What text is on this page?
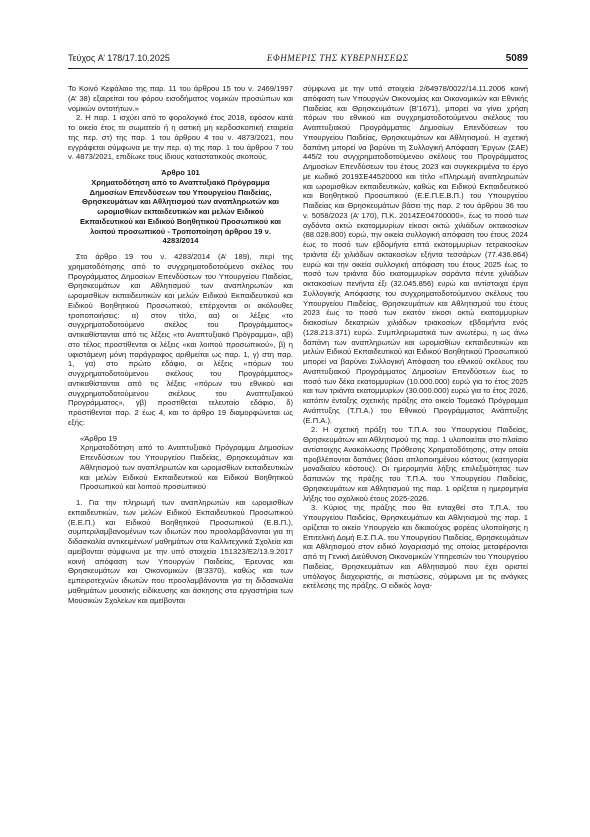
Τεύχος A’ 178/17.10.2025	ΕΦΗΜΕΡΙΣ ΤΗΣ ΚΥΒΕΡΝΗΣΕΩΣ	5089

Το Κοινό Κεφάλαιο της παρ. 11 του άρθρου 15 του ν. 2469/1997 (Α’ 38) εξαιρείται του φόρου εισοδήματος νομικών προσώπων και νομικών οντοτήτων.»

2. Η παρ. 1 ισχύει από το φορολογικό έτος 2018, εφόσον κατά το οικείο έτος το σωματείο ή η αστική μη κερδοσκοπική εταιρεία της περ. στ) της παρ. 1 του άρθρου 4 του ν. 4873/2021, που εγγράφεται σύμφωνα με την περ. α) της παρ. 1 του άρθρου 7 του ν. 4873/2021, επιδίωκε τους ίδιους καταστατικούς σκοπούς.

Άρθρο 101
Χρηματοδότηση από το Αναπτυξιακό Πρόγραμμα Δημοσίων Επενδύσεων του Υπουργείου Παιδείας, Θρησκευμάτων και Αθλητισμού των αναπληρωτών και ωρομισθίων εκπαιδευτικών και μελών Ειδικού Εκπαιδευτικού και Ειδικού Βοηθητικού Προσωπικού και λοιπού προσωπικού - Τροποποίηση άρθρου 19 ν. 4283/2014

Στο άρθρο 19 του ν. 4283/2014 (Α’ 189), περί της χρηματοδότησης από το συγχρηματοδοτούμενο σκέλος του Προγράμματος Δημοσίων Επενδύσεων του Υπουργείου Παιδείας, Θρησκευμάτων και Αθλητισμού των αναπληρωτών και ωρομισθίων εκπαιδευτικών και μελών Ειδικού Εκπαιδευτικού και Ειδικού Βοηθητικού Προσωπικού, επέρχονται οι ακόλουθες τροποποιήσεις: α) στον τίτλο, αα) οι λέξεις «το συγχρηματοδοτούμενο σκέλος του Προγράμματος» αντικαθίστανται από τις λέξεις «το Αναπτυξιακό Πρόγραμμα», αβ) στο τέλος προστίθενται οι λέξεις «και λοιπού προσωπικού», β) η υφιστάμενη μόνη παράγραφος αριθμείται ως παρ. 1, γ) στη παρ. 1, γα) στο πρώτο εδάφιο, οι λέξεις «πόρων του συγχρηματοδοτούμενου σκέλους του Προγράμματος» αντικαθίστανται από τις λέξεις «πόρων του εθνικού και συγχρηματοδοτούμενου σκέλους του Αναπτυξιακού Προγράμματος», γβ) προστίθεται τελευταίο εδάφιο, δ) προστίθενται παρ. 2 έως 4, και το άρθρο 19 διαμορφώνεται ως εξής:

«Άρθρο 19
Χρηματοδότηση από το Αναπτυξιακό Πρόγραμμα Δημοσίων Επενδύσεων του Υπουργείου Παιδείας, Θρησκευμάτων και Αθλητισμού των αναπληρωτών και ωρομισθίων εκπαιδευτικών και μελών Ειδικού Εκπαιδευτικού και Ειδικού Βοηθητικού Προσωπικού και λοιπού προσωπικού

1. Για την πληρωμή των αναπληρωτών και ωρομισθίων εκπαιδευτικών, των μελών Ειδικού Εκπαιδευτικού Προσωπικού (Ε.Ε.Π.) και Ειδικού Βοηθητικού Προσωπικού (Ε.Β.Π.), συμπεριλαμβανομένων των ιδιωτών που προσλαμβάνονται για τη διδασκαλία αντικειμένων/ μαθημάτων στα Καλλιτεχνικά Σχολεία και αμείβονται σύμφωνα με την υπό στοιχεία 151323/Ε2/13.9.2017 κοινή απόφαση των Υπουργών Παιδείας, Έρευνας και Θρησκευμάτων και Οικονομικών (Β’3370), καθώς και των εμπειροτεχνών ιδιωτών που προσλαμβάνονται για τη διδασκαλία μαθημάτων μουσικής ειδίκευσης και άσκησης στα εργαστήρια των Μουσικών Σχολείων και αμείβονται

σύμφωνα με την υπό στοιχεία 2/64978/0022/14.11.2006 κοινή απόφαση των Υπουργών Οικονομίας και Οικονομικών και Εθνικής Παιδείας και Θρησκευμάτων (Β’1671), μπορεί να γίνει χρήση πόρων του εθνικού και συγχρηματοδοτούμενου σκέλους του Αναπτυξιακού Προγράμματος Δημοσίων Επενδύσεων του Υπουργείου Παιδείας, Θρησκευμάτων και Αθλητισμού. Η σχετική δαπάνη μπορεί να βαρύνει τη Συλλογική Απόφαση Έργων (ΣΑΕ) 445/2 του συγχρηματοδοτούμενου σκέλους του Προγράμματος Δημοσίων Επενδύσεων του έτους 2023 και συγκεκριμένα το έργο με κωδικό 2019ΣΕ44520000 και τίτλο «Πληρωμή αναπληρωτών και ωρομισθίων εκπαιδευτικών, καθώς και Ειδικού Εκπαιδευτικού και Βοηθητικού Προσωπικού (Ε.Ε.Π.Ε.Β.Π.) του Υπουργείου Παιδείας και Θρησκευμάτων βάσει της παρ. 2 του άρθρου 36 του ν. 5058/2023 (Α’ 170), Π.Κ. 2014ΣΕ04700000», έως το ποσό των ογδόντα οκτώ εκατομμυρίων είκοσι οκτώ χιλιάδων οκτακοσίων (88.028.800) ευρώ, την οικεία συλλογική απόφαση του έτους 2024 έως το ποσό των εβδομήντα επτά εκατομμυρίων τετρακοσίων τριάντα έξι χιλιάδων οκτακοσίων εξήντα τεσσάρων (77.436.864) ευρώ και την οικεία συλλογική απόφαση του έτους 2025 έως το ποσό των τριάντα δύο εκατομμυρίων σαράντα πέντε χιλιάδων οκτακοσίων πενήντα έξι (32.045.856) ευρώ και αντίστοιχα έργα Συλλογικής Απόφασης του συγχρηματοδοτούμενου σκέλους του Υπουργείου Παιδείας, Θρησκευμάτων και Αθλητισμού του έτους 2023 έως το ποσό των εκατόν είκοσι οκτώ εκατομμυρίων διακοσίων δεκατριών χιλιάδων τριακοσίων εβδομήντα ενός (128.213.371) ευρώ. Συμπληρωματικά των ανωτέρω, η ως άνω δαπάνη των αναπληρωτών και ωρομισθίων εκπαιδευτικών και μελών Ειδικού Εκπαιδευτικού και Ειδικού Βοηθητικού Προσωπικού μπορεί να βαρύνει Συλλογική Απόφαση του εθνικού σκέλους του Αναπτυξιακού Προγράμματος Δημοσίων Επενδύσεων έως το ποσό των δέκα εκατομμυρίων (10.000.000) ευρώ για το έτος 2025 και των τριάντα εκατομμυρίων (30.000.000) ευρώ για το έτος 2026, κατόπιν ένταξης σχετικής πράξης στο οικείο Τομεακό Πρόγραμμα Ανάπτυξης (Τ.Π.Α.) του Εθνικού Προγράμματος Ανάπτυξης (Ε.Π.Α.).

2. Η σχετική πράξη του Τ.Π.Α. του Υπουργείου Παιδείας, Θρησκευμάτων και Αθλητισμού της παρ. 1 υλοποιείται στο πλαίσιο αντίστοιχης Ανακοίνωσης Πρόθεσης Χρηματοδότησης, στην οποία προβλέπονται δαπάνες βάσει απλοποιημένου κόστους (κατηγορία μοναδιαίου κόστους). Οι ημερομηνία λήξης επιλεξιμότητας των δαπανών της πράξης του Τ.Π.Α. του Υπουργείου Παιδείας, Θρησκευμάτων και Αθλητισμού της παρ. 1 ορίζεται η ημερομηνία λήξης του σχολικού έτους 2025-2026.

3. Κύριος της πράξης που θα ενταχθεί στο Τ.Π.Α. του Υπουργείου Παιδείας, Θρησκευμάτων και Αθλητισμού της παρ. 1 ορίζεται το οικείο Υπουργείο και δικαιούχος φορέας υλοποίησης η Επιτελική Δομή Ε.Σ.Π.Α. του Υπουργείου Παιδείας, Θρησκευμάτων και Αθλητισμού στον ειδικό λογαριασμό της οποίας μεταφέρονται από τη Γενική Διεύθυνση Οικονομικών Υπηρεσιών του Υπουργείου Παιδείας, Θρησκευμάτων και Αθλητισμού που έχει οριστεί υπόλογος διαχειριστής, οι πιστώσεις, σύμφωνα με τις ανάγκες εκτέλεσης της πράξης. Ο ειδικός λογα-
